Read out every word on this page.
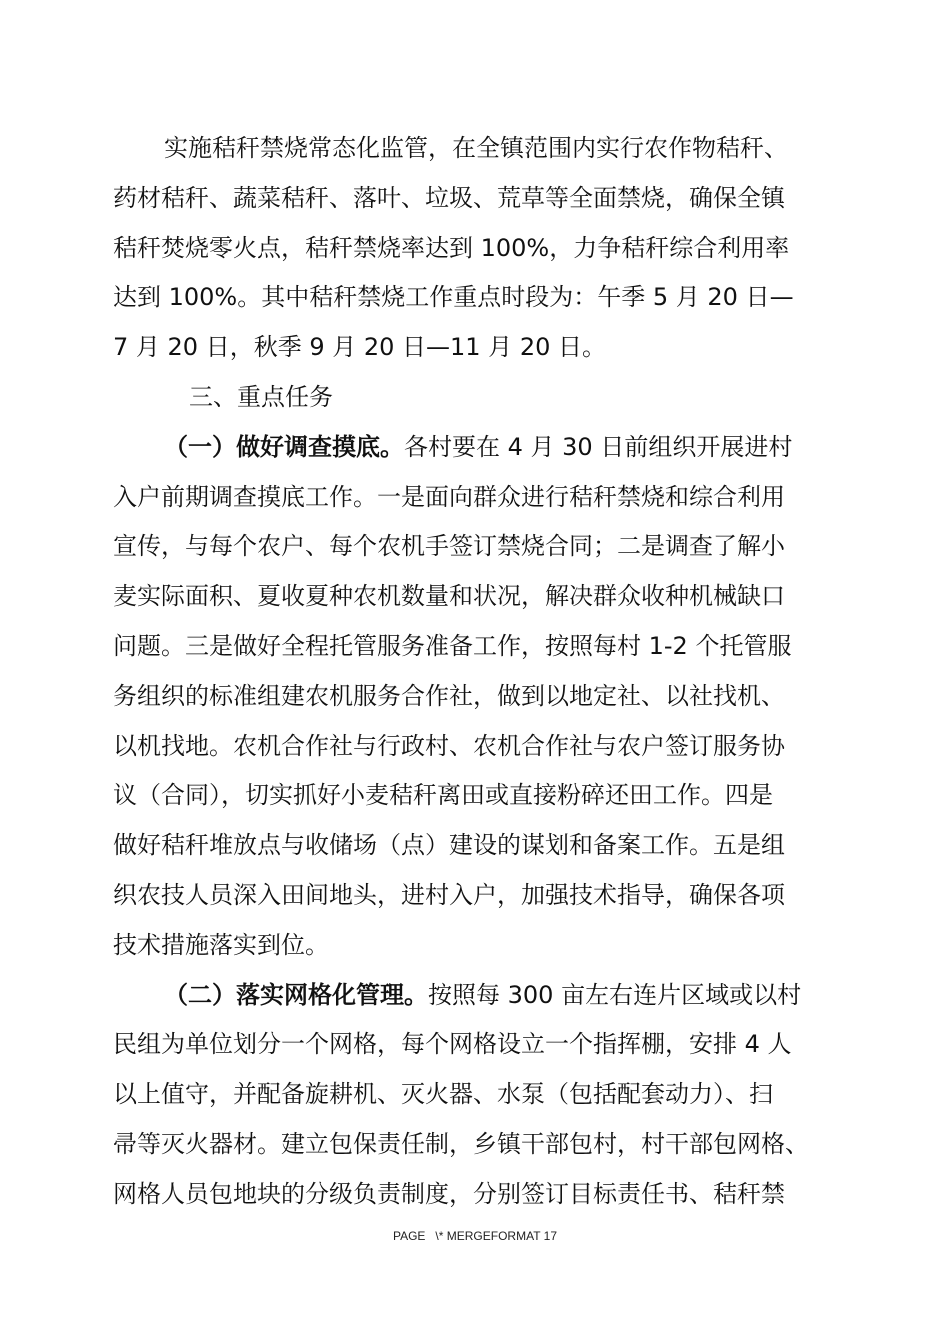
实施秸秆禁烧常态化监管，在全镇范围内实行农作物秸秆、
药材秸秆、蔬菜秸秆、落叶、垃圾、荒草等全面禁烧，确保全镇
秸秆焚烧零火点，秸秆禁烧率达到 100%，力争秸秆综合利用率
达到 100%。其中秸秆禁烧工作重点时段为：午季 5 月 20 日—
7 月 20 日，秋季 9 月 20 日—11 月 20 日。
三、重点任务
（一）做好调查摸底。各村要在 4 月 30 日前组织开展进村
入户前期调查摸底工作。一是面向群众进行秸秆禁烧和综合利用
宣传，与每个农户、每个农机手签订禁烧合同；二是调查了解小
麦实际面积、夏收夏种农机数量和状况，解决群众收种机械缺口
问题。三是做好全程托管服务准备工作，按照每村 1-2 个托管服
务组织的标准组建农机服务合作社，做到以地定社、以社找机、
以机找地。农机合作社与行政村、农机合作社与农户签订服务协
议（合同），切实抓好小麦秸秆离田或直接粉碎还田工作。四是
做好秸秆堆放点与收储场（点）建设的谋划和备案工作。五是组
织农技人员深入田间地头，进村入户，加强技术指导，确保各项
技术措施落实到位。
（二）落实网格化管理。按照每 300 亩左右连片区域或以村
民组为单位划分一个网格，每个网格设立一个指挥棚，安排 4 人
以上值守，并配备旋耕机、灭火器、水泵（包括配套动力）、扫
帚等灭火器材。建立包保责任制，乡镇干部包村，村干部包网格、
网格人员包地块的分级负责制度，分别签订目标责任书、秸秆禁
PAGE   \* MERGEFORMAT 17
